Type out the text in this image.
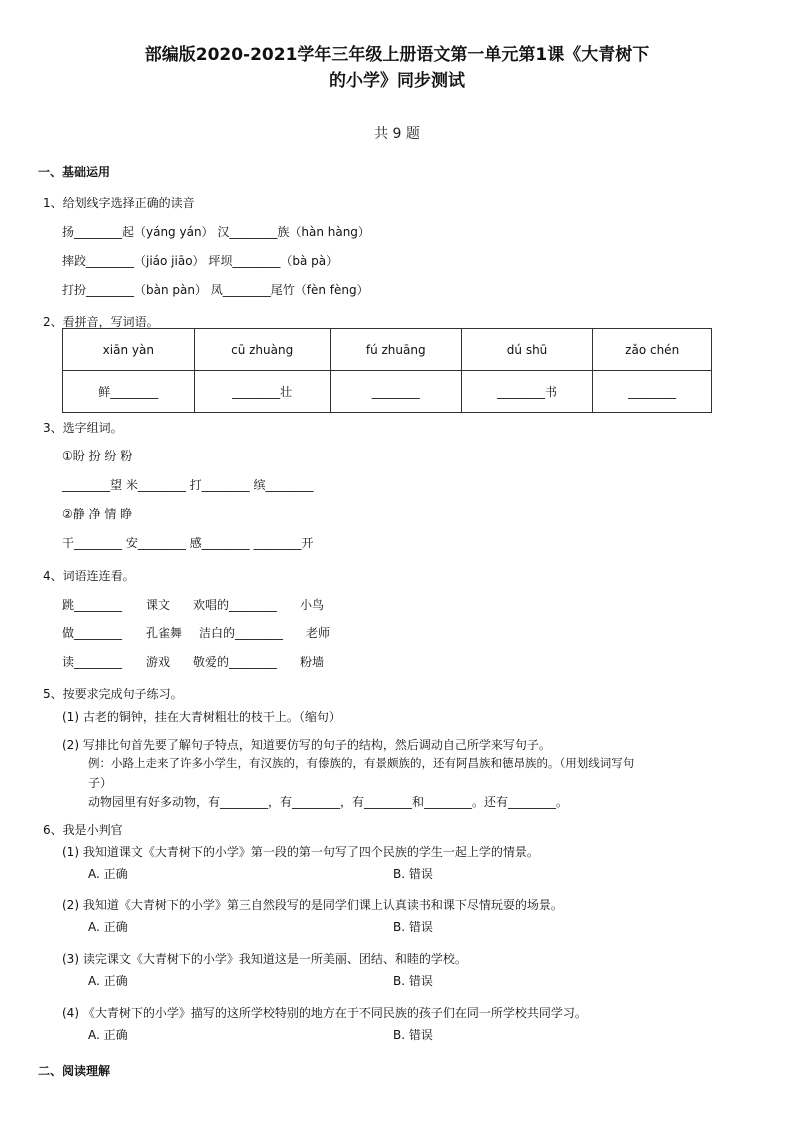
部编版2020-2021学年三年级上册语文第一单元第1课《大青树下
的小学》同步测试
共 9 题
一、基础运用
1、给划线字选择正确的读音
扬________起（yáng yán） 汉________族（hàn hàng）
摔跤________（jiáo jiāo） 坪坝________（bà pà）
打扮________（bàn pàn） 凤________尾竹（fèn fèng）
2、看拼音，写词语。
xiān yàn	cū zhuàng	fú zhuāng	dú shū	zǎo chén
鲜________	________壮	________	________书	________
3、选字组词。
①盼 扮 纷 粉
________望 米________ 打________ 缤________
②静 净 情 睁
干________ 安________ 感________ ________开
4、词语连连看。
跳________ 课文 欢唱的________ 小鸟
做________ 孔雀舞 洁白的________ 老师
读________ 游戏 敬爱的________ 粉墙
5、按要求完成句子练习。
(1) 古老的铜钟，挂在大青树粗壮的枝干上。（缩句）
(2) 写排比句首先要了解句子特点，知道要仿写的句子的结构，然后调动自己所学来写句子。
例：小路上走来了许多小学生，有汉族的，有傣族的，有景颇族的，还有阿昌族和德昂族的。（用划线词写句
子）
动物园里有好多动物，有________，有________，有________和________。还有________。
6、我是小判官
(1) 我知道课文《大青树下的小学》第一段的第一句写了四个民族的学生一起上学的情景。
A. 正确	B. 错误
(2) 我知道《大青树下的小学》第三自然段写的是同学们课上认真读书和课下尽情玩耍的场景。
A. 正确	B. 错误
(3) 读完课文《大青树下的小学》我知道这是一所美丽、团结、和睦的学校。
A. 正确	B. 错误
(4) 《大青树下的小学》描写的这所学校特别的地方在于不同民族的孩子们在同一所学校共同学习。
A. 正确	B. 错误
二、阅读理解
